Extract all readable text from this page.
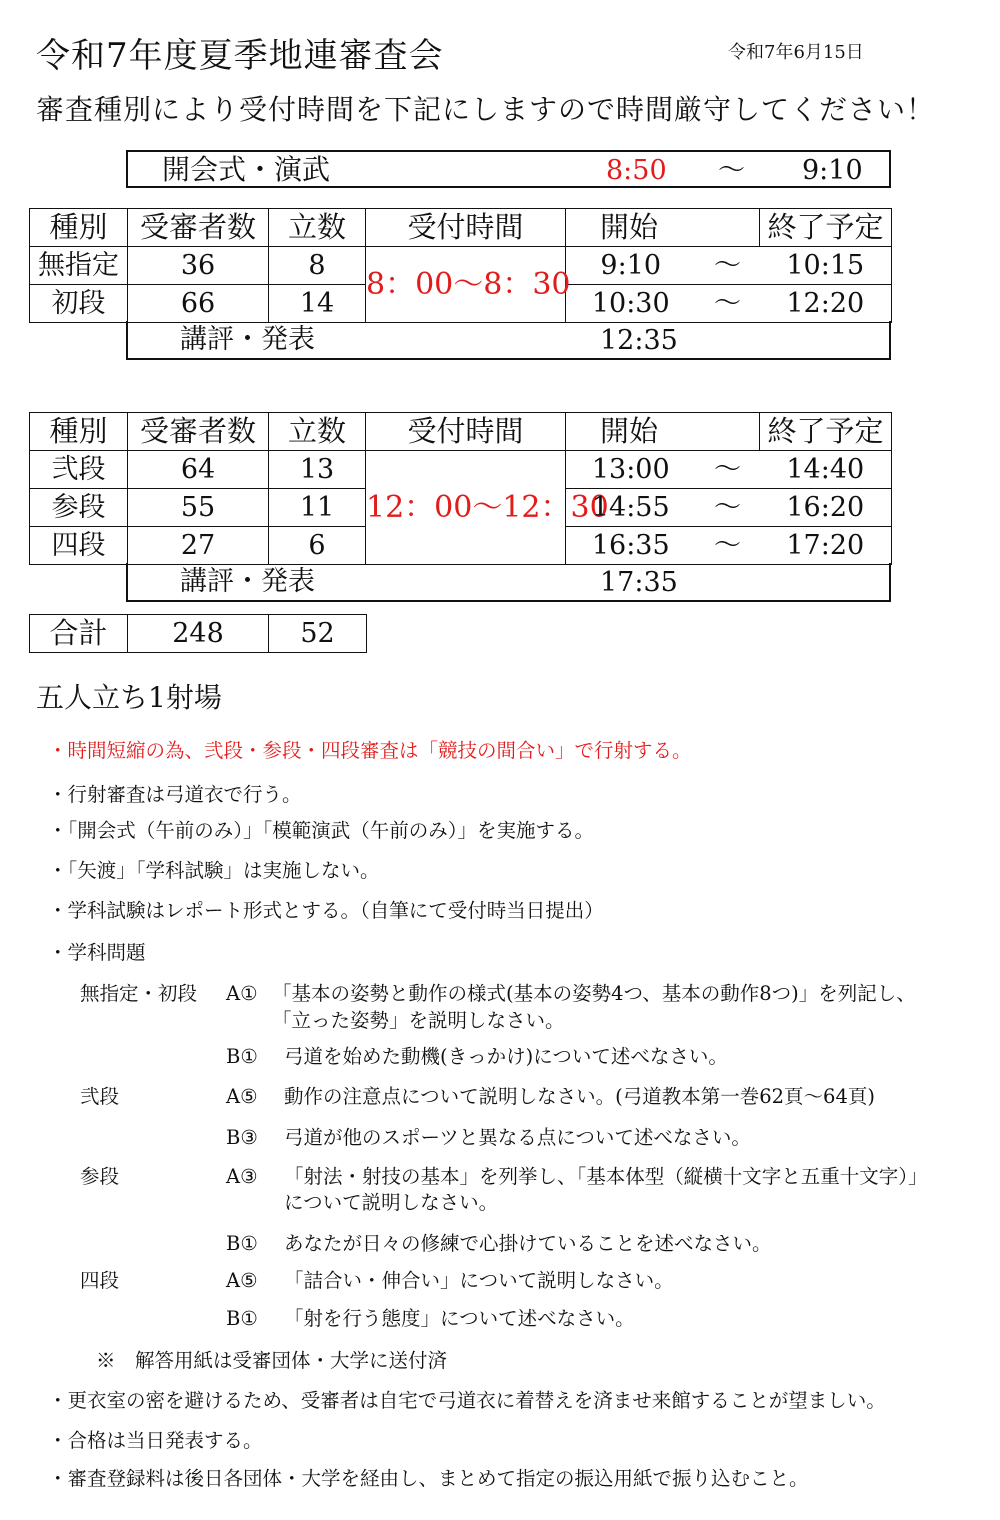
令和7年度夏季地連審査会	令和7年6月15日
審査種別により受付時間を下記にしますので時間厳守してください！
開会式・演武	8:50 ～ 9:10
種別	受審者数	立数	受付時間	開始		終了予定
無指定	36	8	8：00～8：30	9:10	～	10:15
初段	66	14		10:30	～	12:20
講評・発表	12:35
種別	受審者数	立数	受付時間	開始		終了予定
弐段	64	13	12：00～12：30	13:00	～	14:40
参段	55	11		14:55	～	16:20
四段	27	6		16:35	～	17:20
講評・発表	17:35
合計	248	52
五人立ち1射場
・時間短縮の為、弐段・参段・四段審査は「競技の間合い」で行射する。
・行射審査は弓道衣で行う。
・「開会式（午前のみ）」「模範演武（午前のみ）」を実施する。
・「矢渡」「学科試験」は実施しない。
・学科試験はレポート形式とする。（自筆にて受付時当日提出）
・学科問題
無指定・初段 A① 「基本の姿勢と動作の様式(基本の姿勢4つ、基本の動作8つ)」を列記し、
「立った姿勢」を説明しなさい。
B① 弓道を始めた動機(きっかけ)について述べなさい。
弐段	A⑤ 動作の注意点について説明しなさい。(弓道教本第一巻62頁～64頁)
B③ 弓道が他のスポーツと異なる点について述べなさい。
参段	A③ 「射法・射技の基本」を列挙し、「基本体型（縦横十文字と五重十文字）」
について説明しなさい。
B① あなたが日々の修練で心掛けていることを述べなさい。
四段	A⑤ 「詰合い・伸合い」について説明しなさい。
B① 「射を行う態度」について述べなさい。
※　解答用紙は受審団体・大学に送付済
・更衣室の密を避けるため、受審者は自宅で弓道衣に着替えを済ませ来館することが望ましい。
・合格は当日発表する。
・審査登録料は後日各団体・大学を経由し、まとめて指定の振込用紙で振り込むこと。
